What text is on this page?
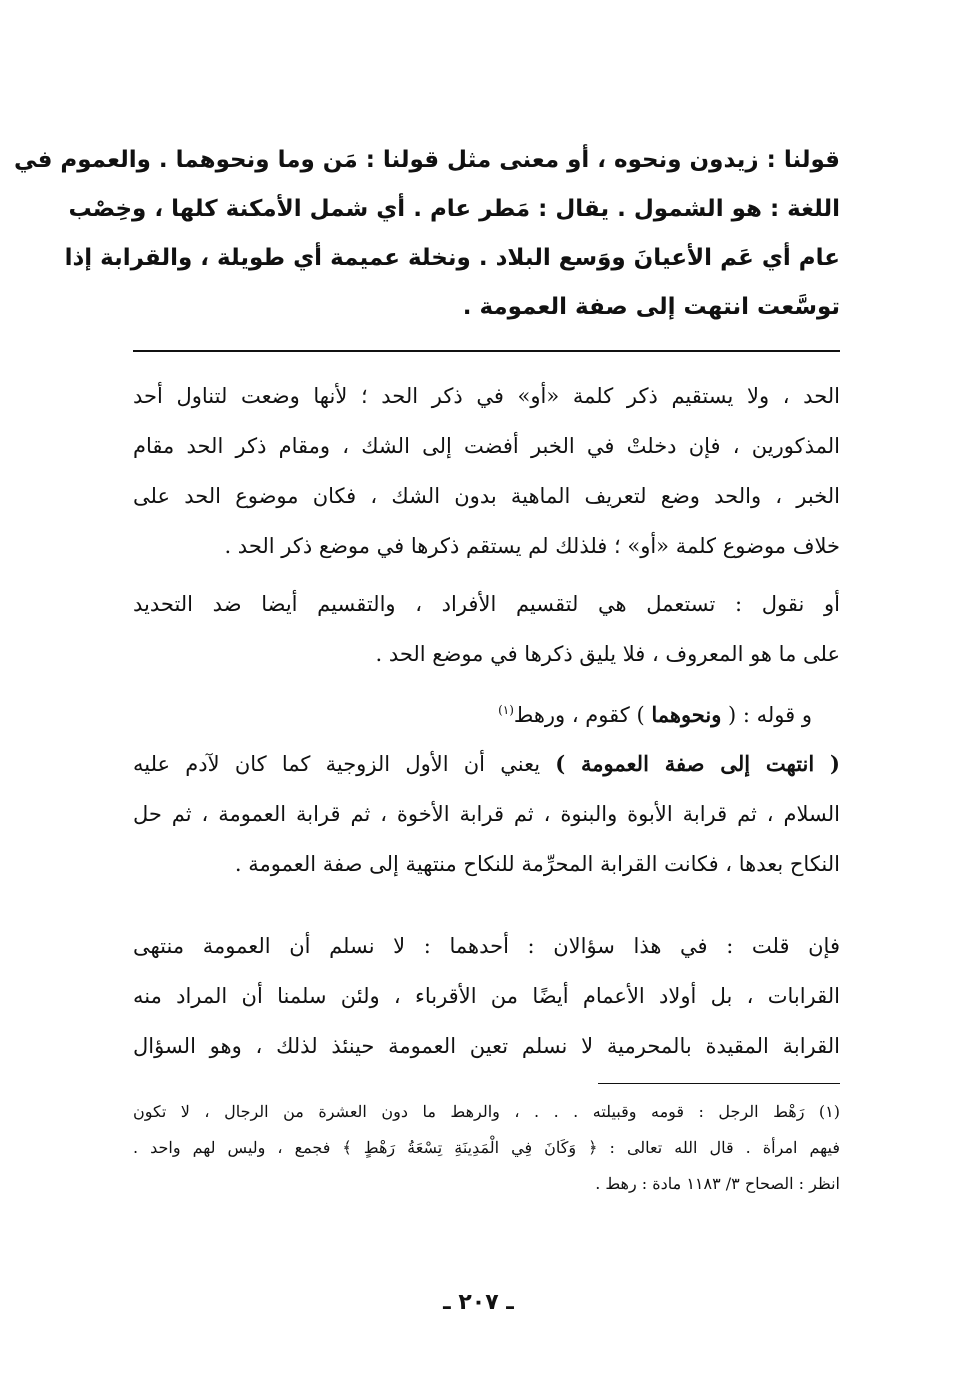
قولنا : زيدون ونحوه ، أو معنى مثل قولنا : مَن وما ونحوهما . والعموم في
اللغة : هو الشمول . يقال : مَطر عام . أي شمل الأمكنة كلها ، وخِصْب
عام أي عَم الأعيانَ ووَسع البلاد . ونخلة عميمة أي طويلة ، والقرابة إذا
توسَّعت انتهت إلى صفة العمومة .
الحد ، ولا يستقيم ذكر كلمة «أو» في ذكر الحد ؛ لأنها وضعت لتناول أحد
المذكورين ، فإن دخلتْ في الخبر أفضت إلى الشك ، ومقام ذكر الحد مقام
الخبر ، والحد وضع لتعريف الماهية بدون الشك ، فكان موضوع الحد على
خلاف موضوع كلمة «أو» ؛ فلذلك لم يستقم ذكرها في موضع ذكر الحد .
أو نقول : تستعمل هي لتقسيم الأفراد ، والتقسيم أيضا ضد التحديد
على ما هو المعروف ، فلا يليق ذكرها في موضع الحد .
و قوله : ( ونحوهما ) كقوم ، ورهط$^{(١)}$
( انتهت إلى صفة العمومة ) يعني أن الأول الزوجية كما كان لآدم عليه
السلام ، ثم قرابة الأبوة والبنوة ، ثم قرابة الأخوة ، ثم قرابة العمومة ، ثم حل
النكاح بعدها ، فكانت القرابة المحرِّمة للنكاح منتهية إلى صفة العمومة .
فإن قلت : في هذا سؤالان : أحدهما : لا نسلم أن العمومة منتهى
القرابات ، بل أولاد الأعمام أيضًا من الأقرباء ، ولئن سلمنا أن المراد منه
القرابة المقيدة بالمحرمية لا نسلم تعين العمومة حينئذ لذلك ، وهو السؤال
(١) رَهْط الرجل : قومه وقبيلته . . . ، والرهط ما دون العشرة من الرجال ، لا تكون
فيهم امرأة . قال الله تعالى : ﴿ وَكَانَ فِي الْمَدِينَةِ تِسْعَةُ رَهْطٍ ﴾ فجمع ، وليس لهم واحد .
انظر : الصحاح ٣/ ١١٨٣ مادة : رهط .
ـ ٢٠٧ ـ
